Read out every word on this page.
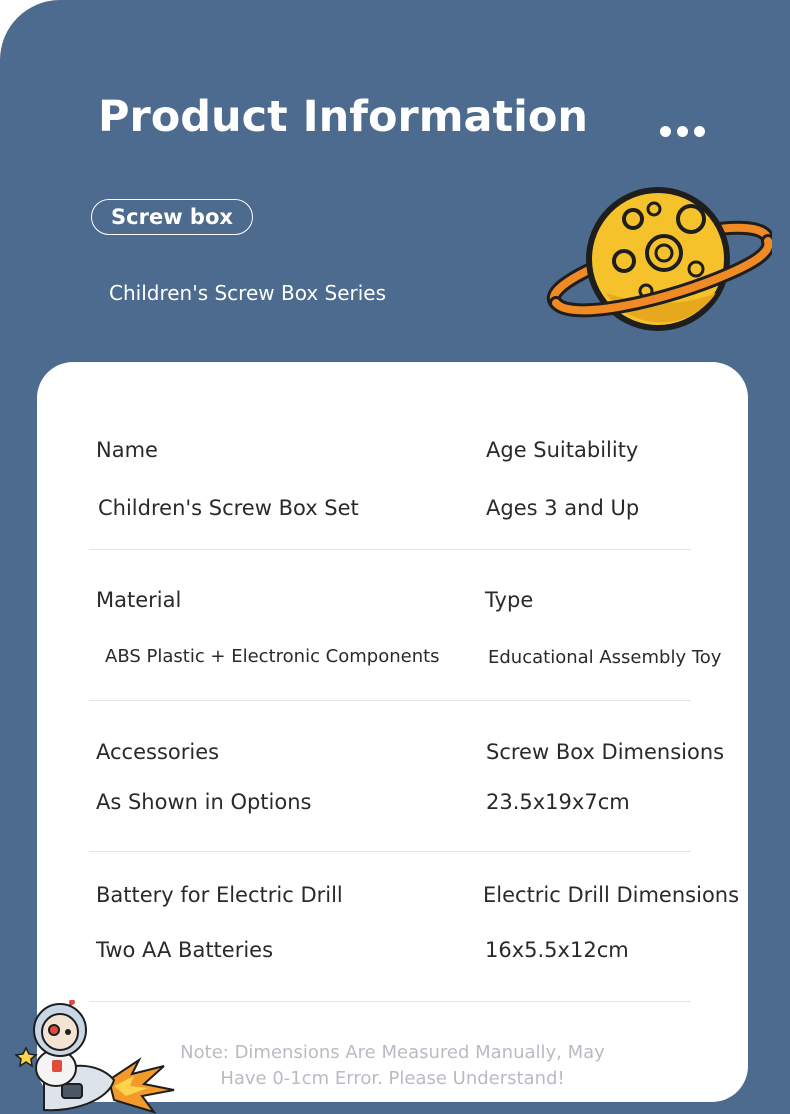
Product Information
Screw box
Children's Screw Box Series
Name
Children's Screw Box Set
Age Suitability
Ages 3 and Up
Material
ABS Plastic + Electronic Components
Type
Educational Assembly Toy
Accessories
As Shown in Options
Screw Box Dimensions
23.5x19x7cm
Battery for Electric Drill
Two AA Batteries
Electric Drill Dimensions
16x5.5x12cm
Note: Dimensions Are Measured Manually, May
Have 0-1cm Error. Please Understand!
